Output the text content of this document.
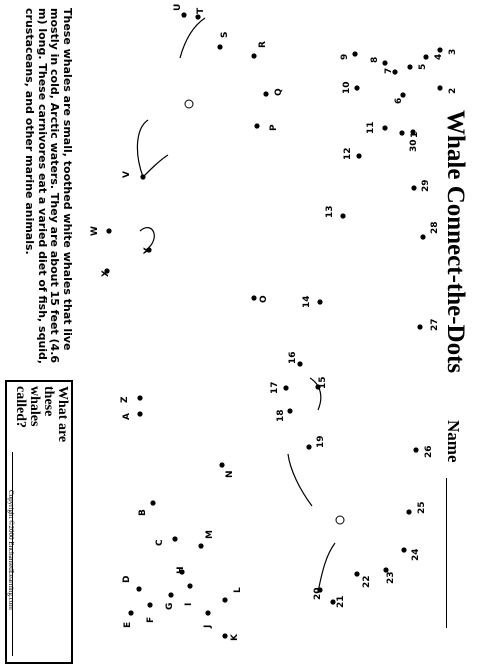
Whale Connect-the-Dots
Name
These whales are small, toothed white whales that live mostly in cold, Arctic waters. They are about 15 feet (4.6 m) long. These carnivores eat a varied diet of fish, squid, crustaceans, and other marine animals.
What are these whales called?
Copyright ©2000 EnchantedLearning.com
1
2
3
4
5
6
7
8
9
10
11
12
13
14
15
16
17
18
19
20
21
22 23
24
25
26
27
28
29
30
A
B
C
D
E
F
G
H
I
J
K
L
M
N
O
P
Q
R
S
T
U
V
W
X
Y
Z
